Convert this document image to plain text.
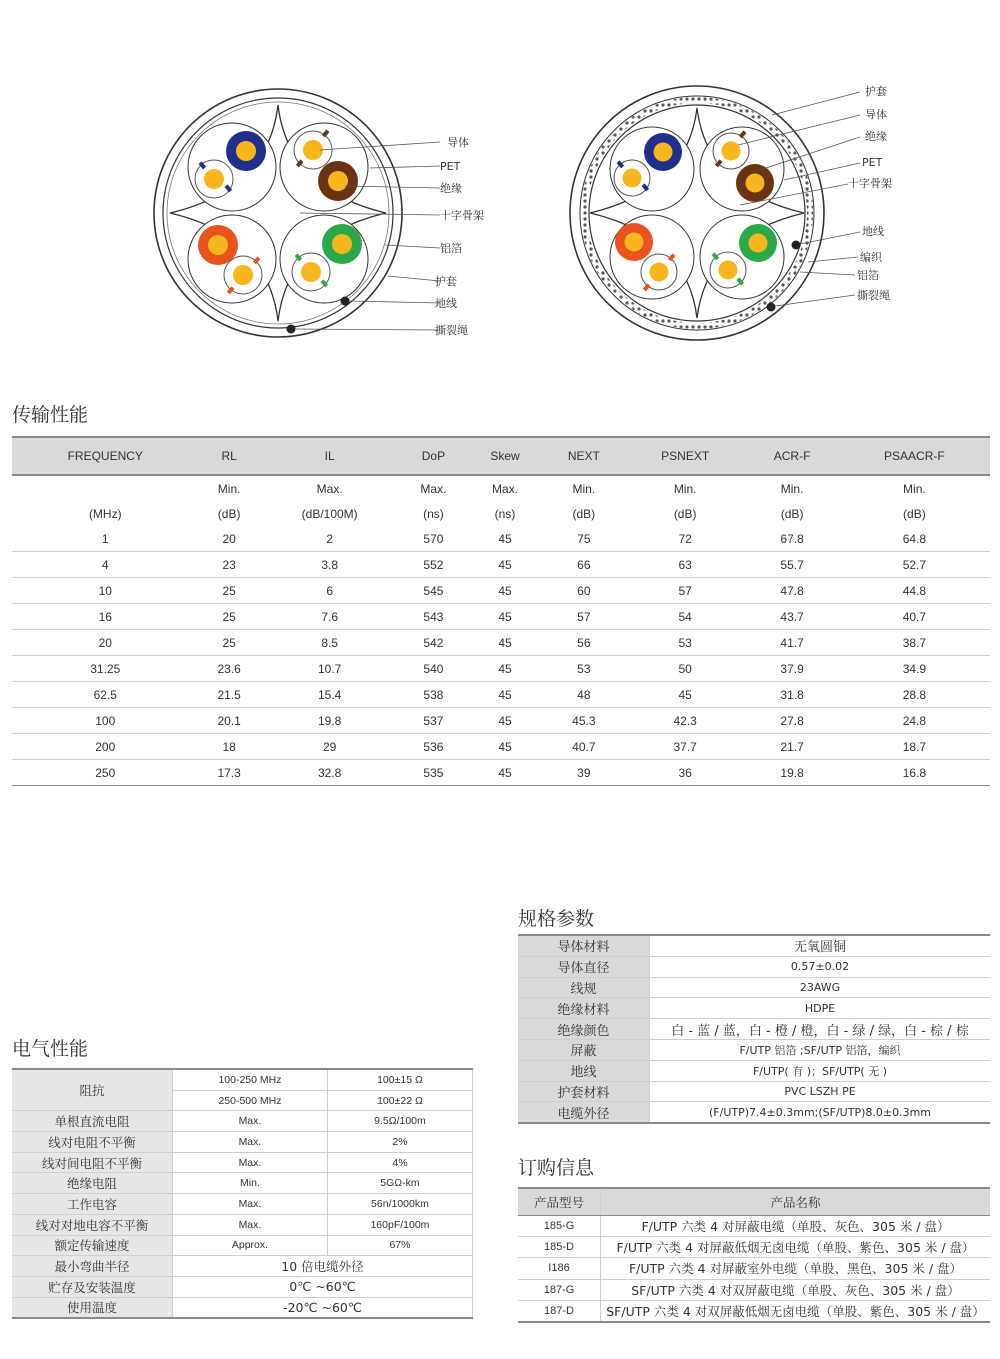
导体
PET
绝缘
十字骨架
铝箔
护套
地线
撕裂绳
护套
导体
绝缘
PET
十字骨架
地线
编织
铝箔
撕裂绳
传输性能
FREQUENCY	RL	IL	DoP	Skew	NEXT	PSNEXT	ACR-F	PSAACR-F
	Min.	Max.	Max.	Max.	Min.	Min.	Min.	Min.
(MHz)	(dB)	(dB/100M)	(ns)	(ns)	(dB)	(dB)	(dB)	(dB)
1	20	2	570	45	75	72	67.8	64.8
4	23	3.8	552	45	66	63	55.7	52.7
10	25	6	545	45	60	57	47.8	44.8
16	25	7.6	543	45	57	54	43.7	40.7
20	25	8.5	542	45	56	53	41.7	38.7
31.25	23.6	10.7	540	45	53	50	37.9	34.9
62.5	21.5	15.4	538	45	48	45	31.8	28.8
100	20.1	19.8	537	45	45.3	42.3	27.8	24.8
200	18	29	536	45	40.7	37.7	21.7	18.7
250	17.3	32.8	535	45	39	36	19.8	16.8
电气性能
阻抗	100-250 MHz	100±15 Ω
	250-500 MHz	100±22 Ω
单根直流电阻	Max.	9.5Ω/100m
线对电阻不平衡	Max.	2%
线对间电阻不平衡	Max.	4%
绝缘电阻	Min.	5GΩ-km
工作电容	Max.	56n/1000km
线对对地电容不平衡	Max.	160pF/100m
额定传输速度	Approx.	67%
最小弯曲半径	10 倍电缆外径	
贮存及安装温度	0℃ ~60℃	
使用温度	-20℃ ~60℃	
规格参数
导体材料	无氧圆铜
导体直径	0.57±0.02
线规	23AWG
绝缘材料	HDPE
绝缘颜色	白 - 蓝 / 蓝，白 - 橙 / 橙，白 - 绿 / 绿，白 - 棕 / 棕
屏蔽	F/UTP 铝箔 ;SF/UTP 铝箔，编织
地线	F/UTP( 有 )；SF/UTP( 无 )
护套材料	PVC LSZH PE
电缆外径	(F/UTP)7.4±0.3mm;(SF/UTP)8.0±0.3mm
订购信息
产品型号	产品名称
185-G	F/UTP 六类 4 对屏蔽电缆（单股、灰色、305 米 / 盘）
185-D	F/UTP 六类 4 对屏蔽低烟无卤电缆（单股、紫色、305 米 / 盘）
I186	F/UTP 六类 4 对屏蔽室外电缆（单股、黑色、305 米 / 盘）
187-G	SF/UTP 六类 4 对双屏蔽电缆（单股、灰色、305 米 / 盘）
187-D	SF/UTP 六类 4 对双屏蔽低烟无卤电缆（单股、紫色、305 米 / 盘）
